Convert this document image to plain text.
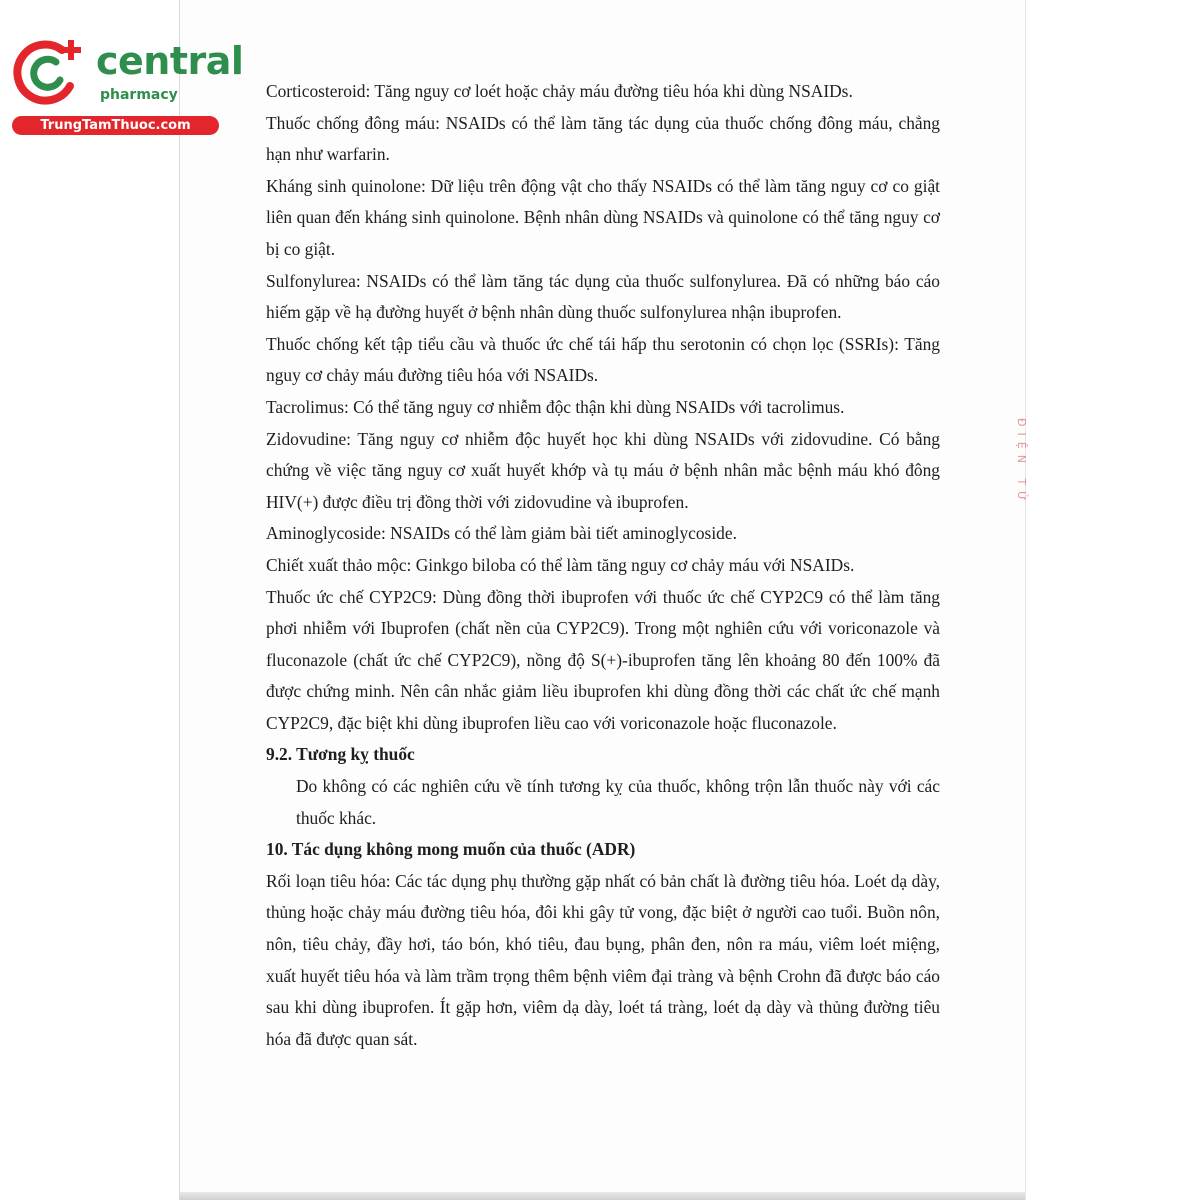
central
pharmacy
TrungTamThuoc.com
ĐIỆN TỬ

Corticosteroid: Tăng nguy cơ loét hoặc chảy máu đường tiêu hóa khi dùng NSAIDs.

Thuốc chống đông máu: NSAIDs có thể làm tăng tác dụng của thuốc chống đông máu, chẳng hạn như warfarin.

Kháng sinh quinolone: Dữ liệu trên động vật cho thấy NSAIDs có thể làm tăng nguy cơ co giật liên quan đến kháng sinh quinolone. Bệnh nhân dùng NSAIDs và quinolone có thể tăng nguy cơ bị co giật.

Sulfonylurea: NSAIDs có thể làm tăng tác dụng của thuốc sulfonylurea. Đã có những báo cáo hiếm gặp về hạ đường huyết ở bệnh nhân dùng thuốc sulfonylurea nhận ibuprofen.

Thuốc chống kết tập tiểu cầu và thuốc ức chế tái hấp thu serotonin có chọn lọc (SSRIs): Tăng nguy cơ chảy máu đường tiêu hóa với NSAIDs.

Tacrolimus: Có thể tăng nguy cơ nhiễm độc thận khi dùng NSAIDs với tacrolimus.

Zidovudine: Tăng nguy cơ nhiễm độc huyết học khi dùng NSAIDs với zidovudine. Có bằng chứng về việc tăng nguy cơ xuất huyết khớp và tụ máu ở bệnh nhân mắc bệnh máu khó đông HIV(+) được điều trị đồng thời với zidovudine và ibuprofen.

Aminoglycoside: NSAIDs có thể làm giảm bài tiết aminoglycoside.

Chiết xuất thảo mộc: Ginkgo biloba có thể làm tăng nguy cơ chảy máu với NSAIDs.

Thuốc ức chế CYP2C9: Dùng đồng thời ibuprofen với thuốc ức chế CYP2C9 có thể làm tăng phơi nhiễm với Ibuprofen (chất nền của CYP2C9). Trong một nghiên cứu với voriconazole và fluconazole (chất ức chế CYP2C9), nồng độ S(+)-ibuprofen tăng lên khoảng 80 đến 100% đã được chứng minh. Nên cân nhắc giảm liều ibuprofen khi dùng đồng thời các chất ức chế mạnh CYP2C9, đặc biệt khi dùng ibuprofen liều cao với voriconazole hoặc fluconazole.

9.2. Tương kỵ thuốc

Do không có các nghiên cứu về tính tương kỵ của thuốc, không trộn lẫn thuốc này với các thuốc khác.

10. Tác dụng không mong muốn của thuốc (ADR)

Rối loạn tiêu hóa: Các tác dụng phụ thường gặp nhất có bản chất là đường tiêu hóa. Loét dạ dày, thủng hoặc chảy máu đường tiêu hóa, đôi khi gây tử vong, đặc biệt ở người cao tuổi. Buồn nôn, nôn, tiêu chảy, đầy hơi, táo bón, khó tiêu, đau bụng, phân đen, nôn ra máu, viêm loét miệng, xuất huyết tiêu hóa và làm trầm trọng thêm bệnh viêm đại tràng và bệnh Crohn đã được báo cáo sau khi dùng ibuprofen. Ít gặp hơn, viêm dạ dày, loét tá tràng, loét dạ dày và thủng đường tiêu hóa đã được quan sát.
